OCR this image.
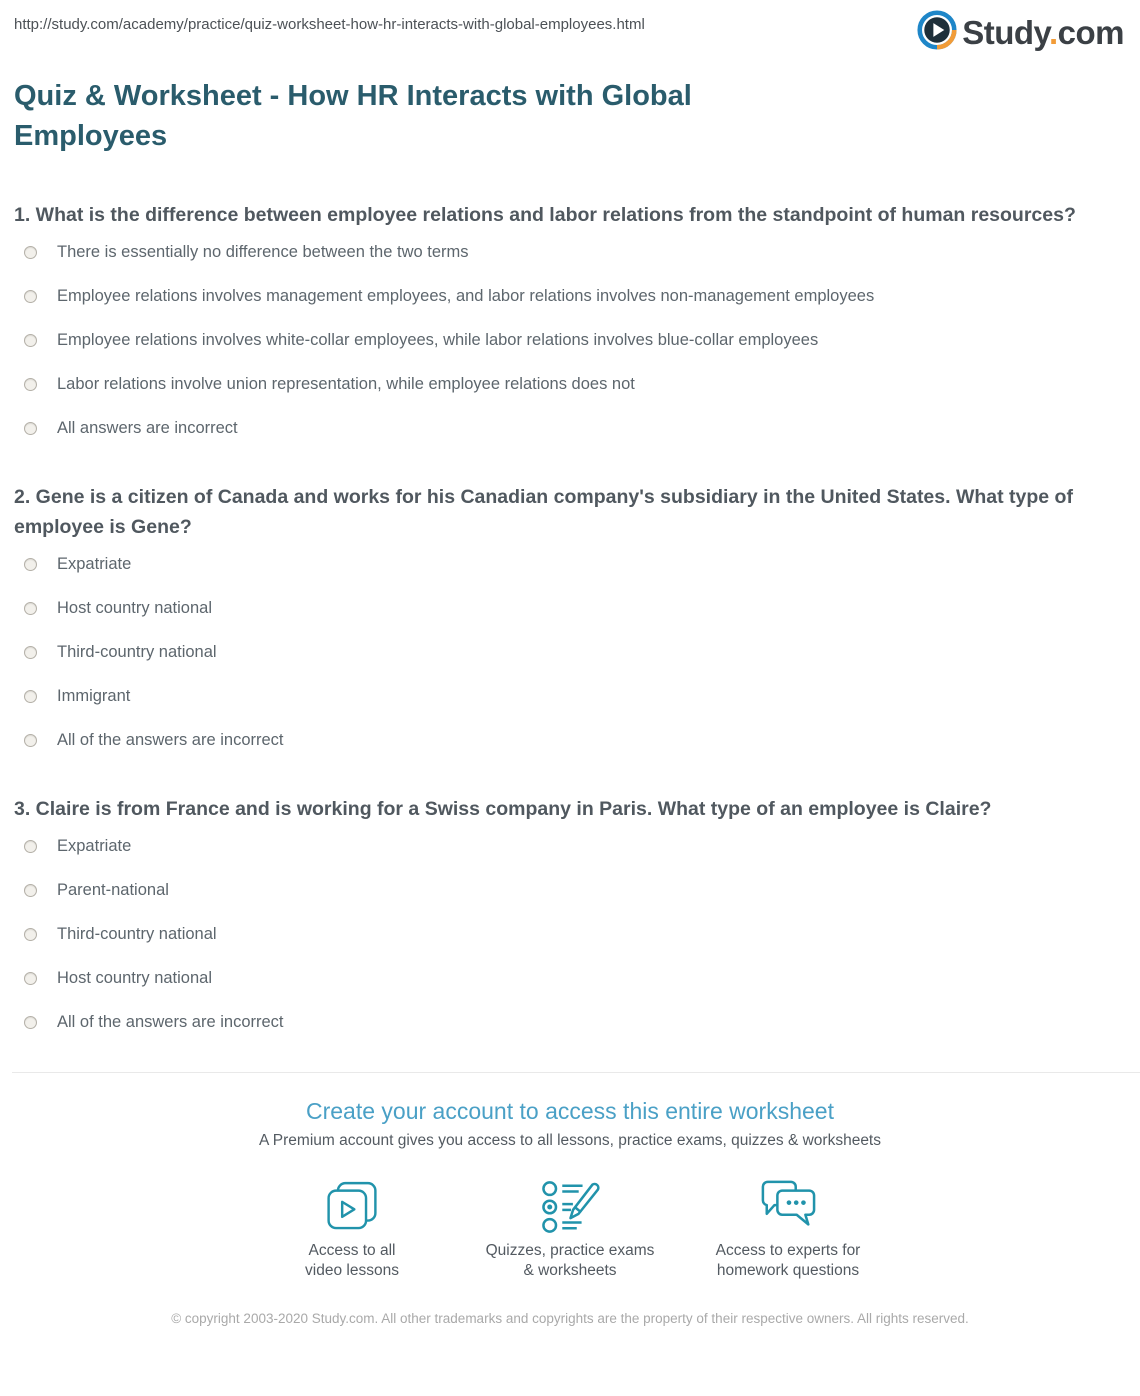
http://study.com/academy/practice/quiz-worksheet-how-hr-interacts-with-global-employees.html	Study.com
Quiz & Worksheet - How HR Interacts with Global Employees

1. What is the difference between employee relations and labor relations from the standpoint of human resources?

There is essentially no difference between the two terms
Employee relations involves management employees, and labor relations involves non-management employees
Employee relations involves white-collar employees, while labor relations involves blue-collar employees
Labor relations involve union representation, while employee relations does not
All answers are incorrect

2. Gene is a citizen of Canada and works for his Canadian company's subsidiary in the United States. What type of employee is Gene?

Expatriate
Host country national
Third-country national
Immigrant
All of the answers are incorrect

3. Claire is from France and is working for a Swiss company in Paris. What type of an employee is Claire?

Expatriate
Parent-national
Third-country national
Host country national
All of the answers are incorrect

Create your account to access this entire worksheet

A Premium account gives you access to all lessons, practice exams, quizzes & worksheets

Access to all
video lessons
Quizzes, practice exams
& worksheets
Access to experts for
homework questions
© copyright 2003-2020 Study.com. All other trademarks and copyrights are the property of their respective owners. All rights reserved.
